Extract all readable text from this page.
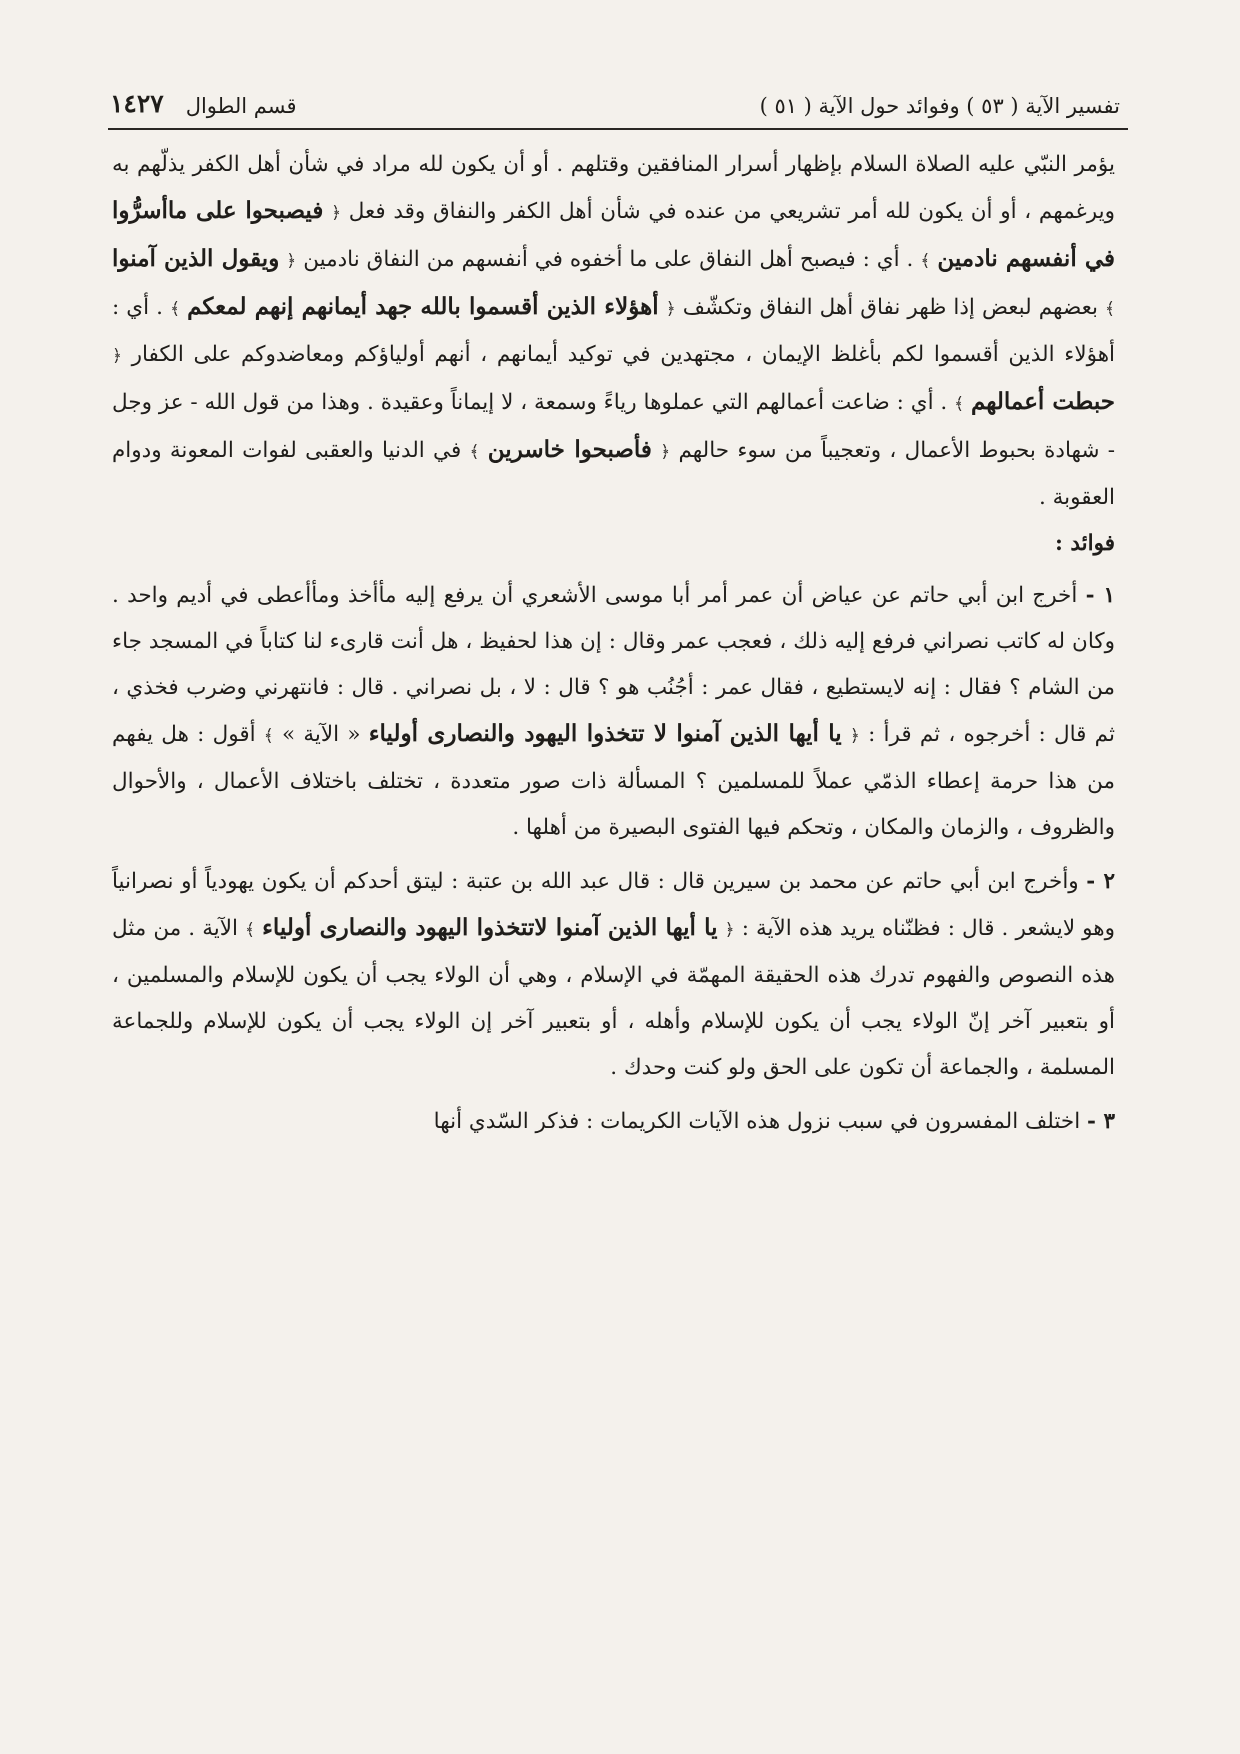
تفسير الآية ( ٥٣ ) وفوائد حول الآية ( ٥١ )
قسم الطوال
١٤٢٧

يؤمر النبّي عليه الصلاة السلام بإظهار أسرار المنافقين وقتلهم . أو أن يكون لله مراد في شأن أهل الكفر يذلّهم به ويرغمهم ، أو أن يكون لله أمر تشريعي من عنده في شأن أهل الكفر والنفاق وقد فعل ﴿ فيصبحوا على ماأسرُّوا في أنفسهم نادمين ﴾ . أي : فيصبح أهل النفاق على ما أخفوه في أنفسهم من النفاق نادمين ﴿ ويقول الذين آمنوا ﴾ بعضهم لبعض إذا ظهر نفاق أهل النفاق وتكشّف ﴿ أهؤلاء الذين أقسموا بالله جهد أيمانهم إنهم لمعكم ﴾ . أي : أهؤلاء الذين أقسموا لكم بأغلظ الإيمان ، مجتهدين في توكيد أيمانهم ، أنهم أولياؤكم ومعاضدوكم على الكفار ﴿ حبطت أعمالهم ﴾ . أي : ضاعت أعمالهم التي عملوها رياءً وسمعة ، لا إيماناً وعقيدة . وهذا من قول الله - عز وجل - شهادة بحبوط الأعمال ، وتعجيباً من سوء حالهم ﴿ فأصبحوا خاسرين ﴾ في الدنيا والعقبى لفوات المعونة ودوام العقوبة .

فوائد :

١ - أخرج ابن أبي حاتم عن عياض أن عمر أمر أبا موسى الأشعري أن يرفع إليه مأأخذ ومأأعطى في أديم واحد . وكان له كاتب نصراني فرفع إليه ذلك ، فعجب عمر وقال : إن هذا لحفيظ ، هل أنت قارىء لنا كتاباً في المسجد جاء من الشام ؟ فقال : إنه لايستطيع ، فقال عمر : أجُنُب هو ؟ قال : لا ، بل نصراني . قال : فانتهرني وضرب فخذي ، ثم قال : أخرجوه ، ثم قرأ : ﴿ يا أيها الذين آمنوا لا تتخذوا اليهود والنصارى أولياء « الآية » ﴾ أقول : هل يفهم من هذا حرمة إعطاء الذمّي عملاً للمسلمين ؟ المسألة ذات صور متعددة ، تختلف باختلاف الأعمال ، والأحوال والظروف ، والزمان والمكان ، وتحكم فيها الفتوى البصيرة من أهلها .

٢ - وأخرج ابن أبي حاتم عن محمد بن سيرين قال : قال عبد الله بن عتبة : ليتق أحدكم أن يكون يهودياً أو نصرانياً وهو لايشعر . قال : فظنّناه يريد هذه الآية : ﴿ يا أيها الذين آمنوا لاتتخذوا اليهود والنصارى أولياء ﴾ الآية . من مثل هذه النصوص والفهوم تدرك هذه الحقيقة المهمّة في الإسلام ، وهي أن الولاء يجب أن يكون للإسلام والمسلمين ، أو بتعبير آخر إنّ الولاء يجب أن يكون للإسلام وأهله ، أو بتعبير آخر إن الولاء يجب أن يكون للإسلام وللجماعة المسلمة ، والجماعة أن تكون على الحق ولو كنت وحدك .

٣ - اختلف المفسرون في سبب نزول هذه الآيات الكريمات : فذكر السّدي أنها
